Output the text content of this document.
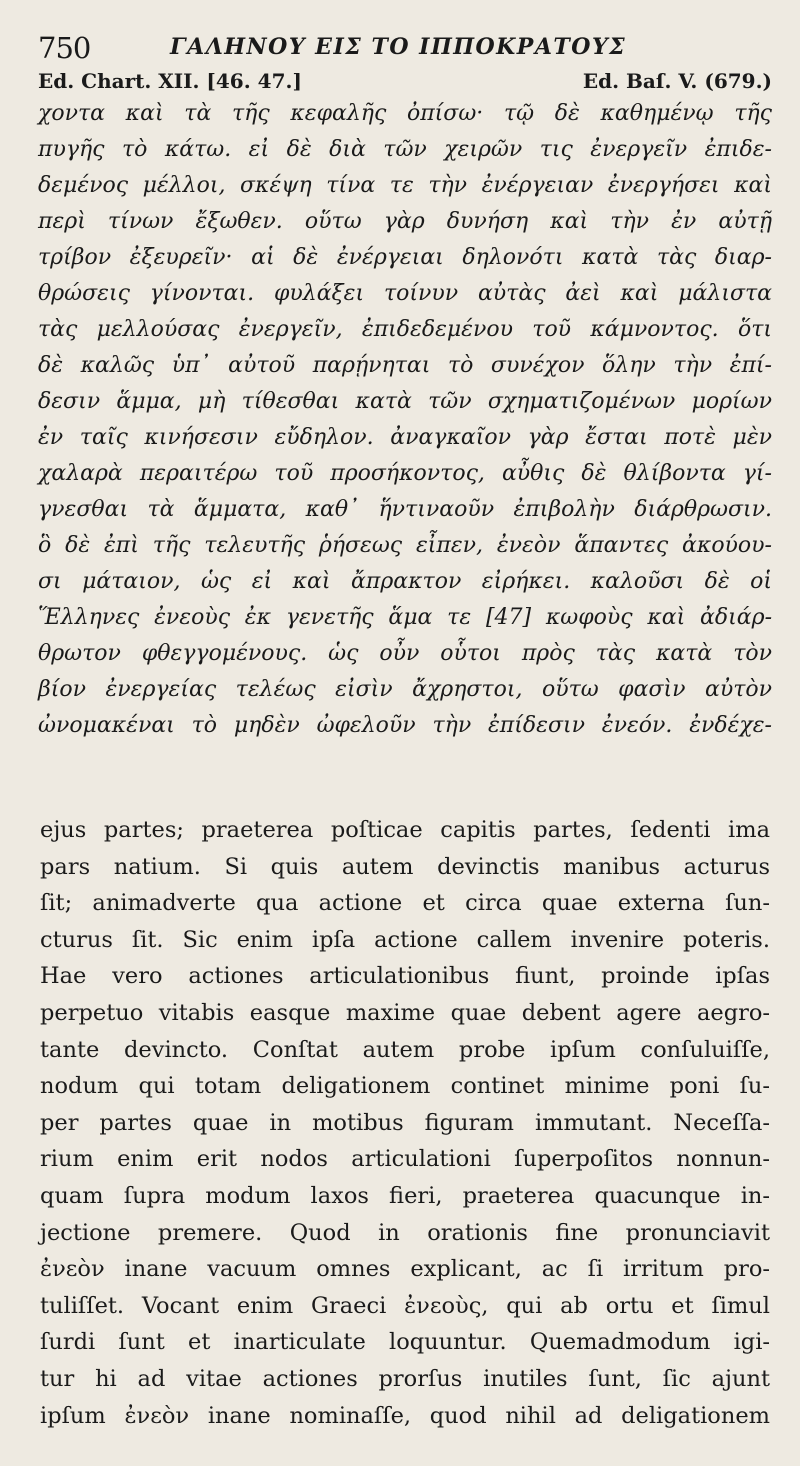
750	ΓΑΛΗΝΟΥ ΕΙΣ ΤΟ ΙΠΠΟΚΡΑΤΟΥΣ
Ed. Chart. XII. [46. 47.]	Ed. Baſ. V. (679.)
χοντα καὶ τὰ τῆς κεφαλῆς ὀπίσω· τῷ δὲ καθημένῳ τῆς
πυγῆς τὸ κάτω. εἰ δὲ διὰ τῶν χειρῶν τις ἐνεργεῖν ἐπιδε-
δεμένος μέλλοι, σκέψη τίνα τε τὴν ἐνέργειαν ἐνεργήσει καὶ
περὶ τίνων ἔξωθεν. οὕτω γὰρ δυνήση καὶ τὴν ἐν αὐτῇ
τρίβον ἐξευρεῖν· αἱ δὲ ἐνέργειαι δηλονότι κατὰ τὰς διαρ-
θρώσεις γίνονται. φυλάξει τοίνυν αὐτὰς ἀεὶ καὶ μάλιστα
τὰς μελλούσας ἐνεργεῖν, ἐπιδεδεμένου τοῦ κάμνοντος. ὅτι
δὲ καλῶς ὑπ᾽ αὐτοῦ παρῄνηται τὸ συνέχον ὅλην τὴν ἐπί-
δεσιν ἅμμα, μὴ τίθεσθαι κατὰ τῶν σχηματιζομένων μορίων
ἐν ταῖς κινήσεσιν εὔδηλον. ἀναγκαῖον γὰρ ἔσται ποτὲ μὲν
χαλαρὰ περαιτέρω τοῦ προσήκοντος, αὖθις δὲ θλίβοντα γί-
γνεσθαι τὰ ἅμματα, καθ᾽ ἥντιναοῦν ἐπιβολὴν διάρθρωσιν.
ὃ δὲ ἐπὶ τῆς τελευτῆς ῥήσεως εἶπεν, ἐνεὸν ἅπαντες ἀκούου-
σι μάταιον, ὡς εἰ καὶ ἄπρακτον εἰρήκει. καλοῦσι δὲ οἱ
Ἕλληνες ἐνεοὺς ἐκ γενετῆς ἅμα τε [47] κωφοὺς καὶ ἀδιάρ-
θρωτον φθεγγομένους. ὡς οὖν οὗτοι πρὸς τὰς κατὰ τὸν
βίον ἐνεργείας τελέως εἰσὶν ἄχρηστοι, οὕτω φασὶν αὐτὸν
ὠνομακέναι τὸ μηδὲν ὠφελοῦν τὴν ἐπίδεσιν ἐνεόν. ἐνδέχε-
ejus partes; praeterea poſticae capitis partes, ſedenti ima
pars natium. Si quis autem devinctis manibus acturus
ſit; animadverte qua actione et circa quae externa ſun-
cturus ſit. Sic enim ipſa actione callem invenire poteris.
Hae vero actiones articulationibus fiunt, proinde ipſas
perpetuo vitabis easque maxime quae debent agere aegro-
tante devincto. Conſtat autem probe ipſum conſuluiſſe,
nodum qui totam deligationem continet minime poni ſu-
per partes quae in motibus figuram immutant. Neceſſa-
rium enim erit nodos articulationi ſuperpoſitos nonnun-
quam ſupra modum laxos fieri, praeterea quacunque in-
jectione premere. Quod in orationis fine pronunciavit
ἐνεὸν inane vacuum omnes explicant, ac ſi irritum pro-
tuliſſet. Vocant enim Graeci ἐνεοὺς, qui ab ortu et ſimul
ſurdi ſunt et inarticulate loquuntur. Quemadmodum igi-
tur hi ad vitae actiones prorſus inutiles ſunt, ſic ajunt
ipſum ἐνεὸν inane nominaſſe, quod nihil ad deligationem
